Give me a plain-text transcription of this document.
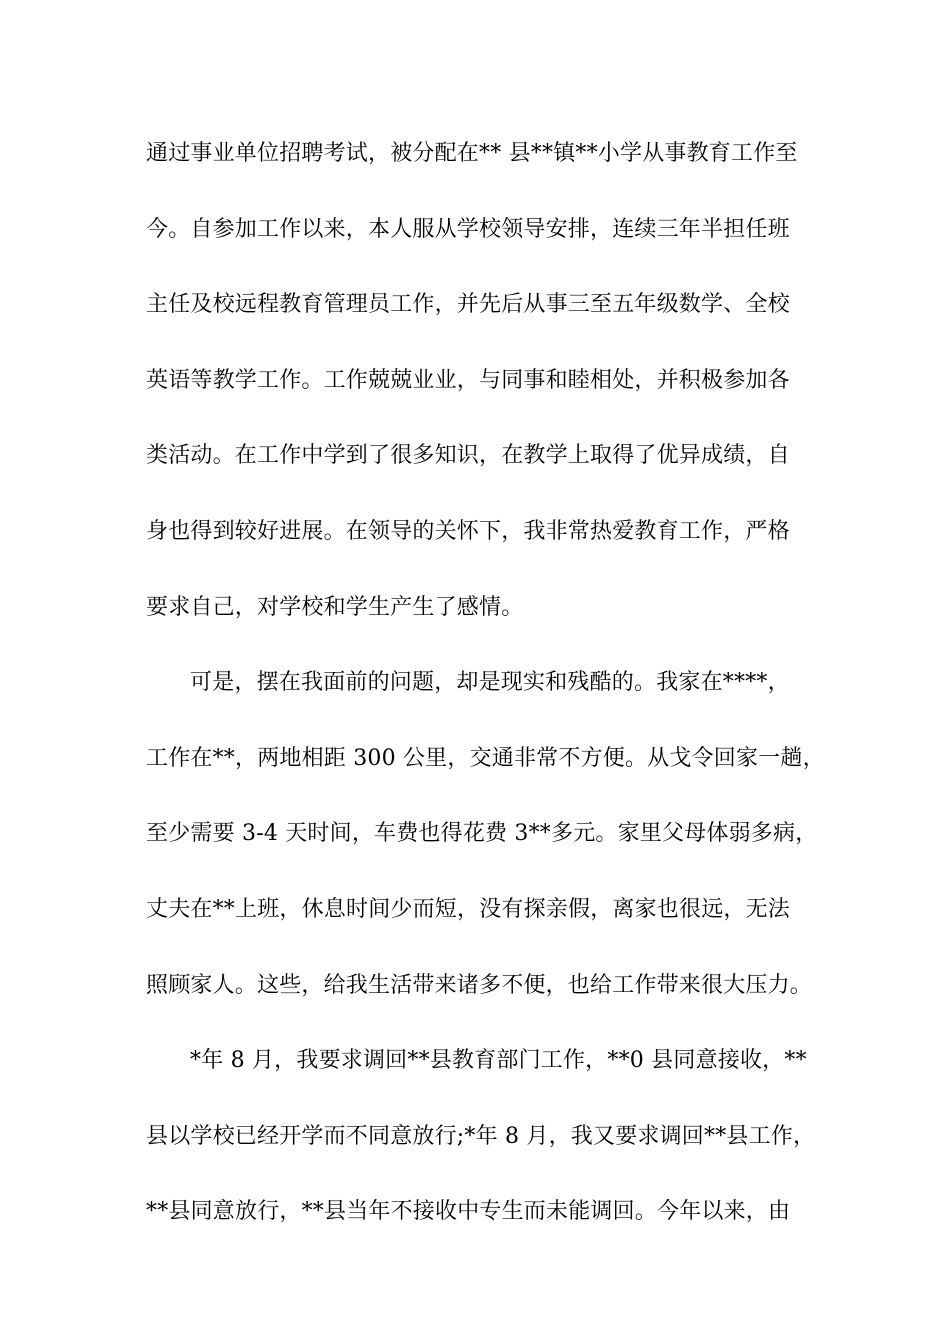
通过事业单位招聘考试，被分配在** 县**镇**小学从事教育工作至
今。自参加工作以来，本人服从学校领导安排，连续三年半担任班
主任及校远程教育管理员工作，并先后从事三至五年级数学、全校
英语等教学工作。工作兢兢业业，与同事和睦相处，并积极参加各
类活动。在工作中学到了很多知识，在教学上取得了优异成绩，自
身也得到较好进展。在领导的关怀下，我非常热爱教育工作，严格
要求自己，对学校和学生产生了感情。
可是，摆在我面前的问题，却是现实和残酷的。我家在****，
工作在**，两地相距 300 公里，交通非常不方便。从戈令回家一趟，
至少需要 3-4 天时间，车费也得花费 3**多元。家里父母体弱多病，
丈夫在**上班，休息时间少而短，没有探亲假，离家也很远，无法
照顾家人。这些，给我生活带来诸多不便，也给工作带来很大压力。
*年 8 月，我要求调回**县教育部门工作，**0 县同意接收，**
县以学校已经开学而不同意放行;*年 8 月，我又要求调回**县工作，
**县同意放行，**县当年不接收中专生而未能调回。今年以来，由
